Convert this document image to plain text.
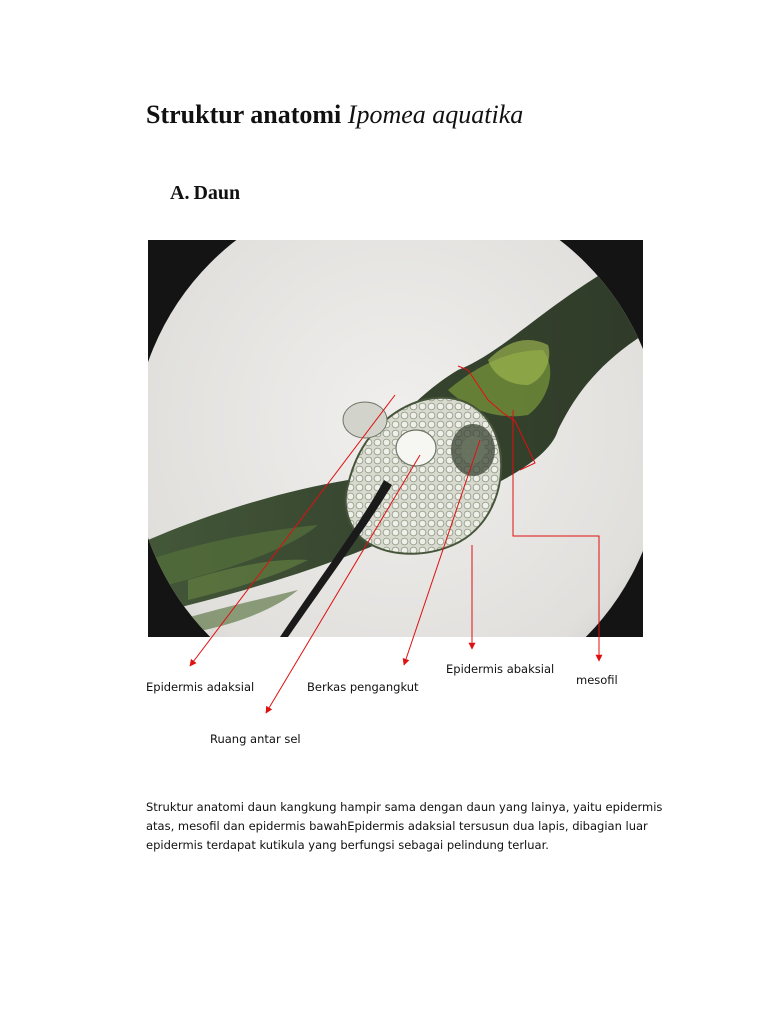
Struktur anatomi Ipomea aquatika
A. Daun
Epidermis adaksial	Berkas pengangkut
Epidermis abaksial
mesofil
Ruang antar sel
Struktur anatomi daun kangkung hampir sama dengan daun yang lainya, yaitu epidermis
atas, mesofil dan epidermis bawahEpidermis adaksial tersusun dua lapis, dibagian luar
epidermis terdapat kutikula yang berfungsi sebagai pelindung terluar.
